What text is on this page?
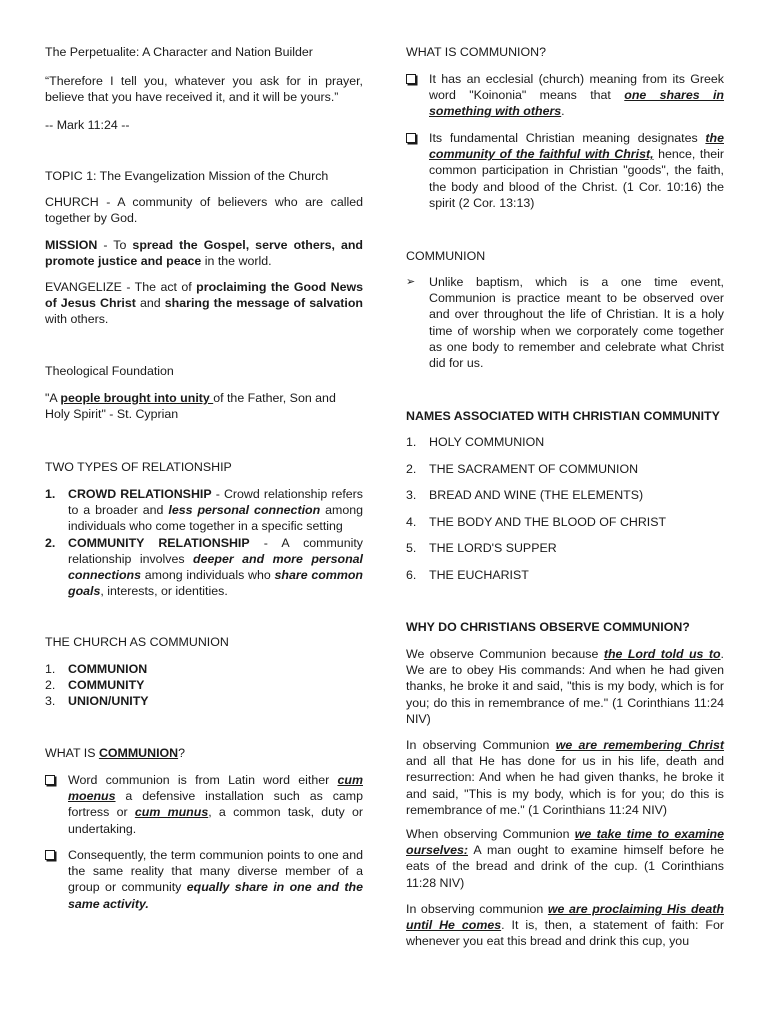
The Perpetualite: A Character and Nation Builder

“Therefore I tell you, whatever you ask for in prayer, believe that you have received it, and it will be yours.”

-- Mark 11:24 --

TOPIC 1: The Evangelization Mission of the Church

CHURCH - A community of believers who are called together by God.

MISSION - To spread the Gospel, serve others, and promote justice and peace in the world.

EVANGELIZE - The act of proclaiming the Good News of Jesus Christ and sharing the message of salvation with others.

Theological Foundation

"A people brought into unity of the Father, Son and Holy Spirit" - St. Cyprian

TWO TYPES OF RELATIONSHIP

1. CROWD RELATIONSHIP - Crowd relationship refers to a broader and less personal connection among individuals who come together in a specific setting
2. COMMUNITY RELATIONSHIP - A community relationship involves deeper and more personal connections among individuals who share common goals, interests, or identities.

THE CHURCH AS COMMUNION

1. COMMUNION
2. COMMUNITY
3. UNION/UNITY

WHAT IS COMMUNION?

Word communion is from Latin word either cum moenus a defensive installation such as camp fortress or cum munus, a common task, duty or undertaking.
Consequently, the term communion points to one and the same reality that many diverse member of a group or community equally share in one and the same activity.

WHAT IS COMMUNION?

It has an ecclesial (church) meaning from its Greek word "Koinonia" means that one shares in something with others.
Its fundamental Christian meaning designates the community of the faithful with Christ, hence, their common participation in Christian "goods", the faith, the body and blood of the Christ. (1 Cor. 10:16) the spirit (2 Cor. 13:13)

COMMUNION

➢ Unlike baptism, which is a one time event, Communion is practice meant to be observed over and over throughout the life of Christian. It is a holy time of worship when we corporately come together as one body to remember and celebrate what Christ did for us.

NAMES ASSOCIATED WITH CHRISTIAN COMMUNITY

1. HOLY COMMUNION
2. THE SACRAMENT OF COMMUNION
3. BREAD AND WINE (THE ELEMENTS)
4. THE BODY AND THE BLOOD OF CHRIST
5. THE LORD'S SUPPER
6. THE EUCHARIST

WHY DO CHRISTIANS OBSERVE COMMUNION?

We observe Communion because the Lord told us to. We are to obey His commands: And when he had given thanks, he broke it and said, "this is my body, which is for you; do this in remembrance of me." (1 Corinthians 11:24 NIV)

In observing Communion we are remembering Christ and all that He has done for us in his life, death and resurrection: And when he had given thanks, he broke it and said, "This is my body, which is for you; do this is remembrance of me." (1 Corinthians 11:24 NIV)

When observing Communion we take time to examine ourselves: A man ought to examine himself before he eats of the bread and drink of the cup. (1 Corinthians 11:28 NIV)

In observing communion we are proclaiming His death until He comes. It is, then, a statement of faith: For whenever you eat this bread and drink this cup, you
